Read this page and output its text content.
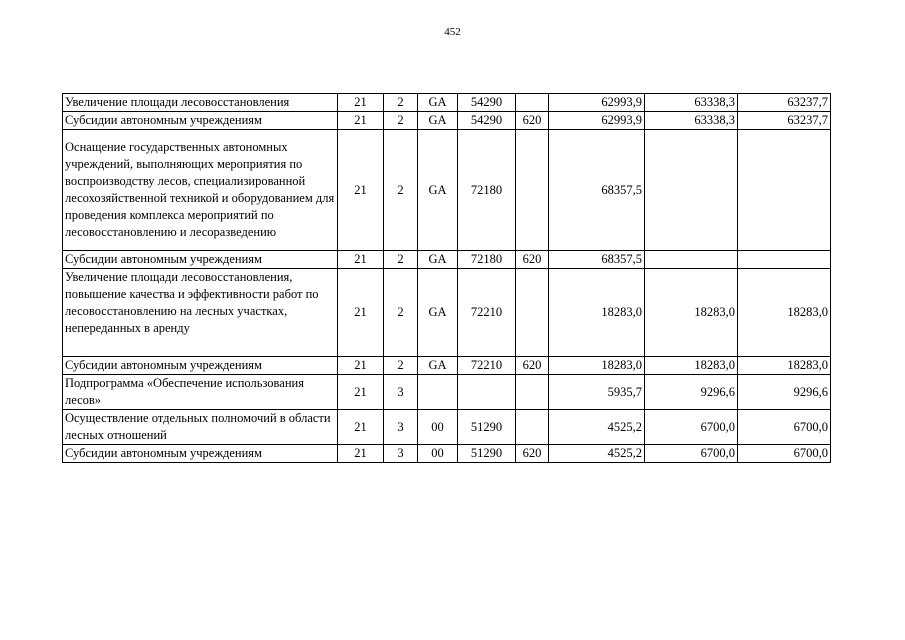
452
Увеличение площади лесовосстановления	21	2	GA	54290		62993,9	63338,3	63237,7
Субсидии автономным учреждениям	21	2	GA	54290	620	62993,9	63338,3	63237,7
Оснащение государственных автономных учреждений, выполняющих мероприятия по воспроизводству лесов, специализированной лесохозяйственной техникой и оборудованием для проведения комплекса мероприятий по лесовосстановлению и лесоразведению	21	2	GA	72180		68357,5		
Субсидии автономным учреждениям	21	2	GA	72180	620	68357,5		
Увеличение площади лесовосстановления, повышение качества и эффективности работ по лесовосстановлению на лесных участках, непереданных в аренду	21	2	GA	72210		18283,0	18283,0	18283,0
Субсидии автономным учреждениям	21	2	GA	72210	620	18283,0	18283,0	18283,0
Подпрограмма «Обеспечение использования лесов»	21	3				5935,7	9296,6	9296,6
Осуществление отдельных полномочий в области лесных отношений	21	3	00	51290		4525,2	6700,0	6700,0
Субсидии автономным учреждениям	21	3	00	51290	620	4525,2	6700,0	6700,0
